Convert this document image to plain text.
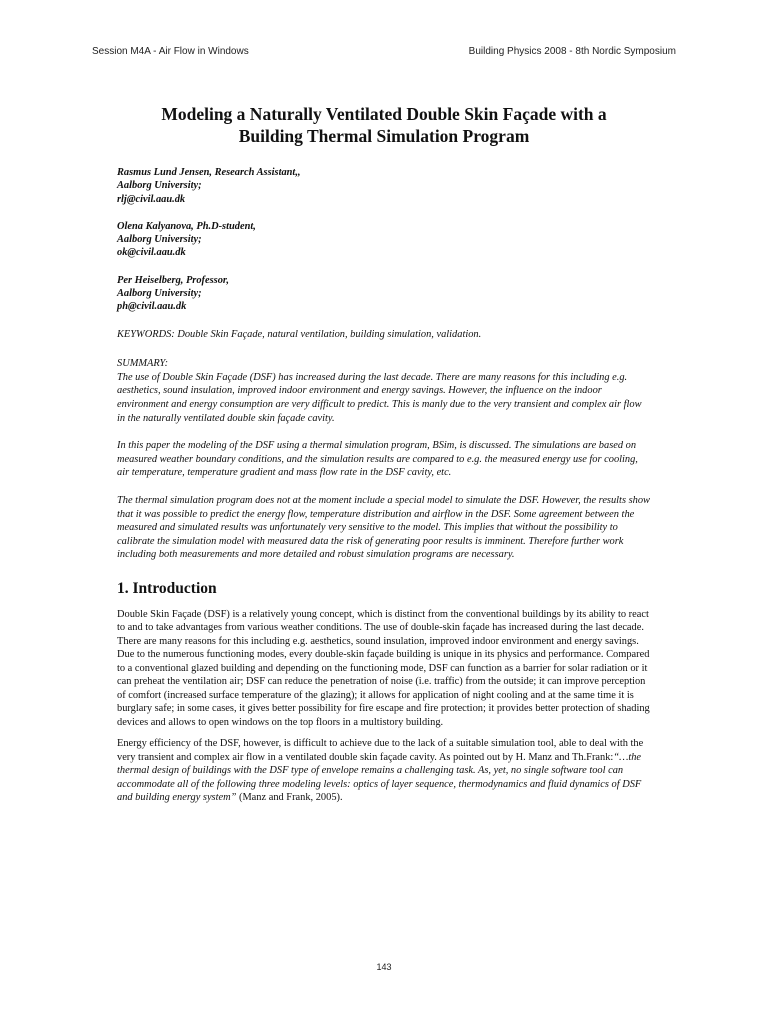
Session M4A - Air Flow in Windows	Building Physics 2008 - 8th Nordic Symposium
Modeling a Naturally Ventilated Double Skin Façade with a
Building Thermal Simulation Program
Rasmus Lund Jensen, Research Assistant,,
Aalborg University;
rlj@civil.aau.dk
Olena Kalyanova, Ph.D-student,
Aalborg University;
ok@civil.aau.dk
Per Heiselberg, Professor,
Aalborg University;
ph@civil.aau.dk

KEYWORDS: Double Skin Façade, natural ventilation, building simulation, validation.

SUMMARY:
The use of Double Skin Façade (DSF) has increased during the last decade. There are many reasons for this including e.g. aesthetics, sound insulation, improved indoor environment and energy savings. However, the influence on the indoor environment and energy consumption are very difficult to predict. This is manly due to the very transient and complex air flow in the naturally ventilated double skin façade cavity.

In this paper the modeling of the DSF using a thermal simulation program, BSim, is discussed. The simulations are based on measured weather boundary conditions, and the simulation results are compared to e.g. the measured energy use for cooling, air temperature, temperature gradient and mass flow rate in the DSF cavity, etc.

The thermal simulation program does not at the moment include a special model to simulate the DSF. However, the results show that it was possible to predict the energy flow, temperature distribution and airflow in the DSF. Some agreement between the measured and simulated results was unfortunately very sensitive to the model. This implies that without the possibility to calibrate the simulation model with measured data the risk of generating poor results is imminent. Therefore further work including both measurements and more detailed and robust simulation programs are necessary.

1. Introduction

Double Skin Façade (DSF) is a relatively young concept, which is distinct from the conventional buildings by its ability to react to and to take advantages from various weather conditions. The use of double-skin façade has increased during the last decade. There are many reasons for this including e.g. aesthetics, sound insulation, improved indoor environment and energy savings. Due to the numerous functioning modes, every double-skin façade building is unique in its physics and performance. Compared to a conventional glazed building and depending on the functioning mode, DSF can function as a barrier for solar radiation or it can preheat the ventilation air; DSF can reduce the penetration of noise (i.e. traffic) from the outside; it can improve perception of comfort (increased surface temperature of the glazing); it allows for application of night cooling and at the same time it is burglary safe; in some cases, it gives better possibility for fire escape and fire protection; it provides better protection of shading devices and allows to open windows on the top floors in a multistory building.

Energy efficiency of the DSF, however, is difficult to achieve due to the lack of a suitable simulation tool, able to deal with the very transient and complex air flow in a ventilated double skin façade cavity. As pointed out by H. Manz and Th.Frank:“…the thermal design of buildings with the DSF type of envelope remains a challenging task. As, yet, no single software tool can accommodate all of the following three modeling levels: optics of layer sequence, thermodynamics and fluid dynamics of DSF and building energy system” (Manz and Frank, 2005).

143
